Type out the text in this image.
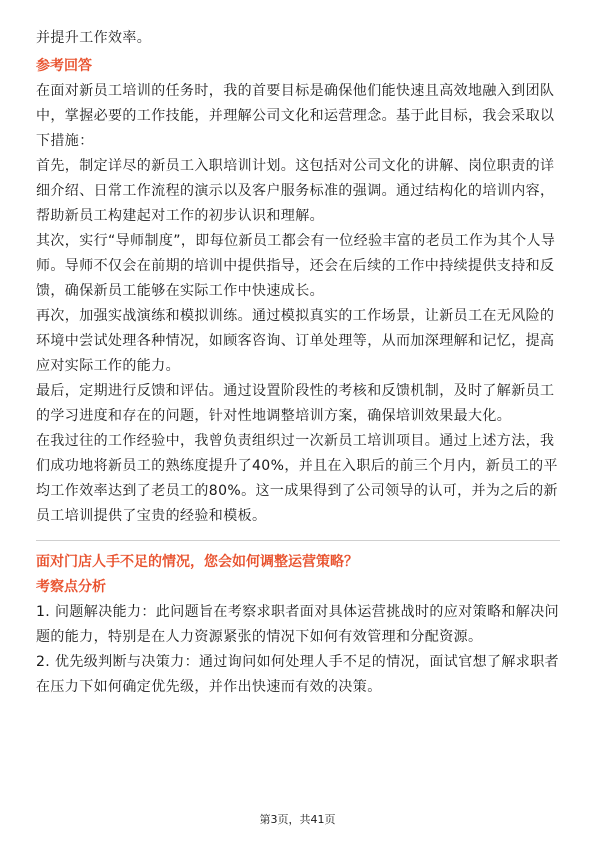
并提升工作效率。

参考回答

在面对新员工培训的任务时，我的首要目标是确保他们能快速且高效地融入到团队中，掌握必要的工作技能，并理解公司文化和运营理念。基于此目标，我会采取以下措施：

首先，制定详尽的新员工入职培训计划。这包括对公司文化的讲解、岗位职责的详细介绍、日常工作流程的演示以及客户服务标准的强调。通过结构化的培训内容，帮助新员工构建起对工作的初步认识和理解。

其次，实行“导师制度”，即每位新员工都会有一位经验丰富的老员工作为其个人导师。导师不仅会在前期的培训中提供指导，还会在后续的工作中持续提供支持和反馈，确保新员工能够在实际工作中快速成长。

再次，加强实战演练和模拟训练。通过模拟真实的工作场景，让新员工在无风险的环境中尝试处理各种情况，如顾客咨询、订单处理等，从而加深理解和记忆，提高应对实际工作的能力。

最后，定期进行反馈和评估。通过设置阶段性的考核和反馈机制，及时了解新员工的学习进度和存在的问题，针对性地调整培训方案，确保培训效果最大化。

在我过往的工作经验中，我曾负责组织过一次新员工培训项目。通过上述方法，我们成功地将新员工的熟练度提升了40%，并且在入职后的前三个月内，新员工的平均工作效率达到了老员工的80%。这一成果得到了公司领导的认可，并为之后的新员工培训提供了宝贵的经验和模板。

面对门店人手不足的情况，您会如何调整运营策略？

考察点分析

1. 问题解决能力：此问题旨在考察求职者面对具体运营挑战时的应对策略和解决问题的能力，特别是在人力资源紧张的情况下如何有效管理和分配资源。

2. 优先级判断与决策力：通过询问如何处理人手不足的情况，面试官想了解求职者在压力下如何确定优先级，并作出快速而有效的决策。

第3页，共41页
